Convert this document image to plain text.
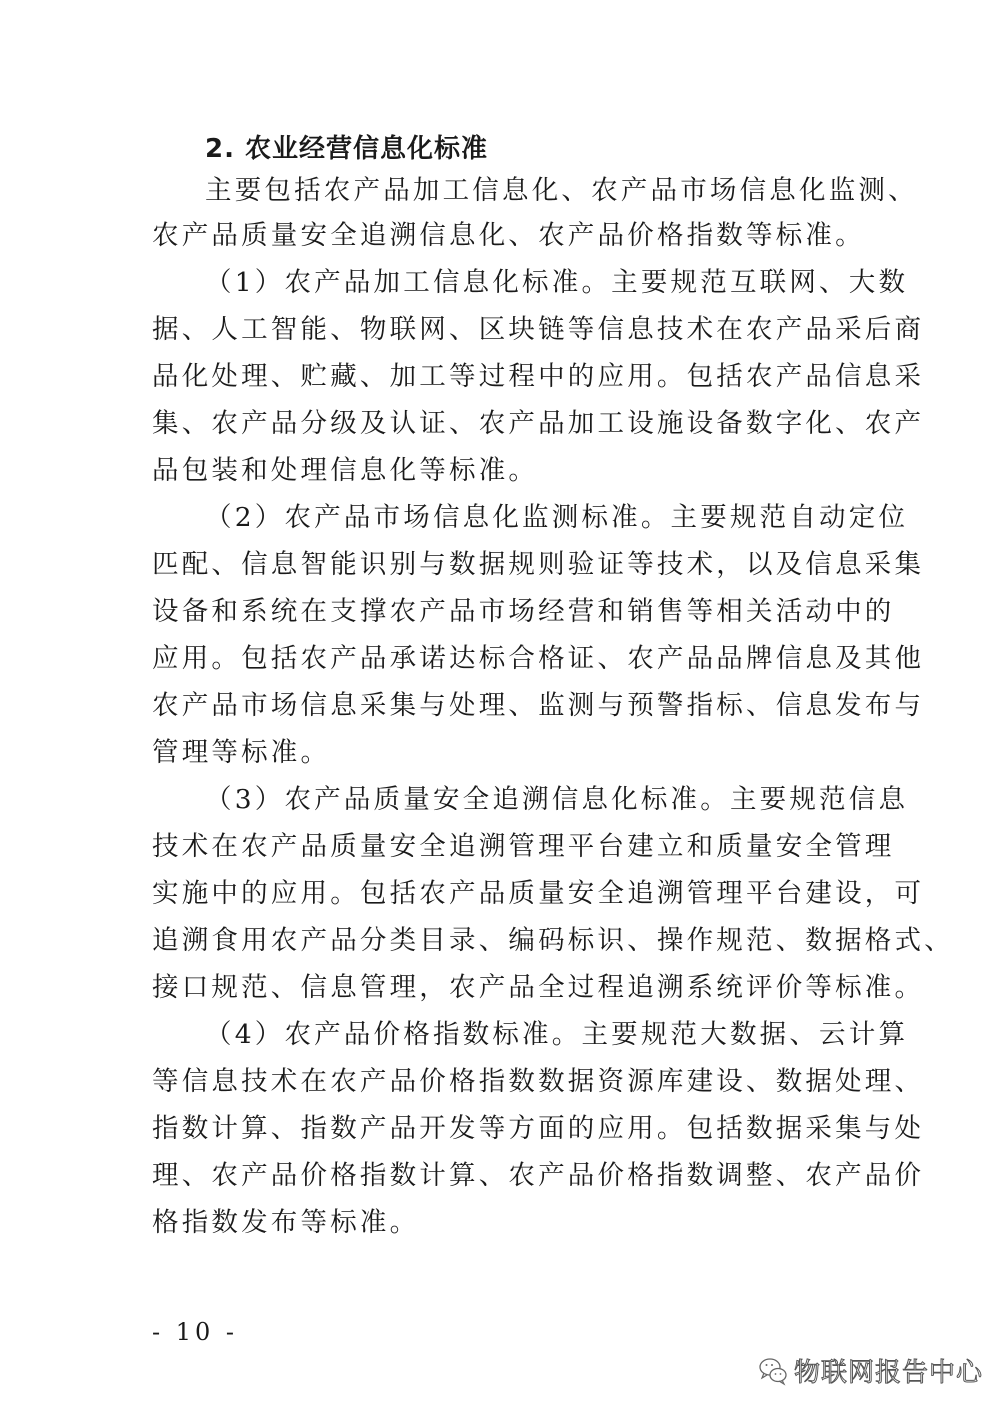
2. 农业经营信息化标准
主要包括农产品加工信息化、农产品市场信息化监测、
农产品质量安全追溯信息化、农产品价格指数等标准。
（1）农产品加工信息化标准。主要规范互联网、大数
据、人工智能、物联网、区块链等信息技术在农产品采后商
品化处理、贮藏、加工等过程中的应用。包括农产品信息采
集、农产品分级及认证、农产品加工设施设备数字化、农产
品包装和处理信息化等标准。
（2）农产品市场信息化监测标准。主要规范自动定位
匹配、信息智能识别与数据规则验证等技术，以及信息采集
设备和系统在支撑农产品市场经营和销售等相关活动中的
应用。包括农产品承诺达标合格证、农产品品牌信息及其他
农产品市场信息采集与处理、监测与预警指标、信息发布与
管理等标准。
（3）农产品质量安全追溯信息化标准。主要规范信息
技术在农产品质量安全追溯管理平台建立和质量安全管理
实施中的应用。包括农产品质量安全追溯管理平台建设，可
追溯食用农产品分类目录、编码标识、操作规范、数据格式、
接口规范、信息管理，农产品全过程追溯系统评价等标准。
（4）农产品价格指数标准。主要规范大数据、云计算
等信息技术在农产品价格指数数据资源库建设、数据处理、
指数计算、指数产品开发等方面的应用。包括数据采集与处
理、农产品价格指数计算、农产品价格指数调整、农产品价
格指数发布等标准。
- 10 -
物联网报告中心
